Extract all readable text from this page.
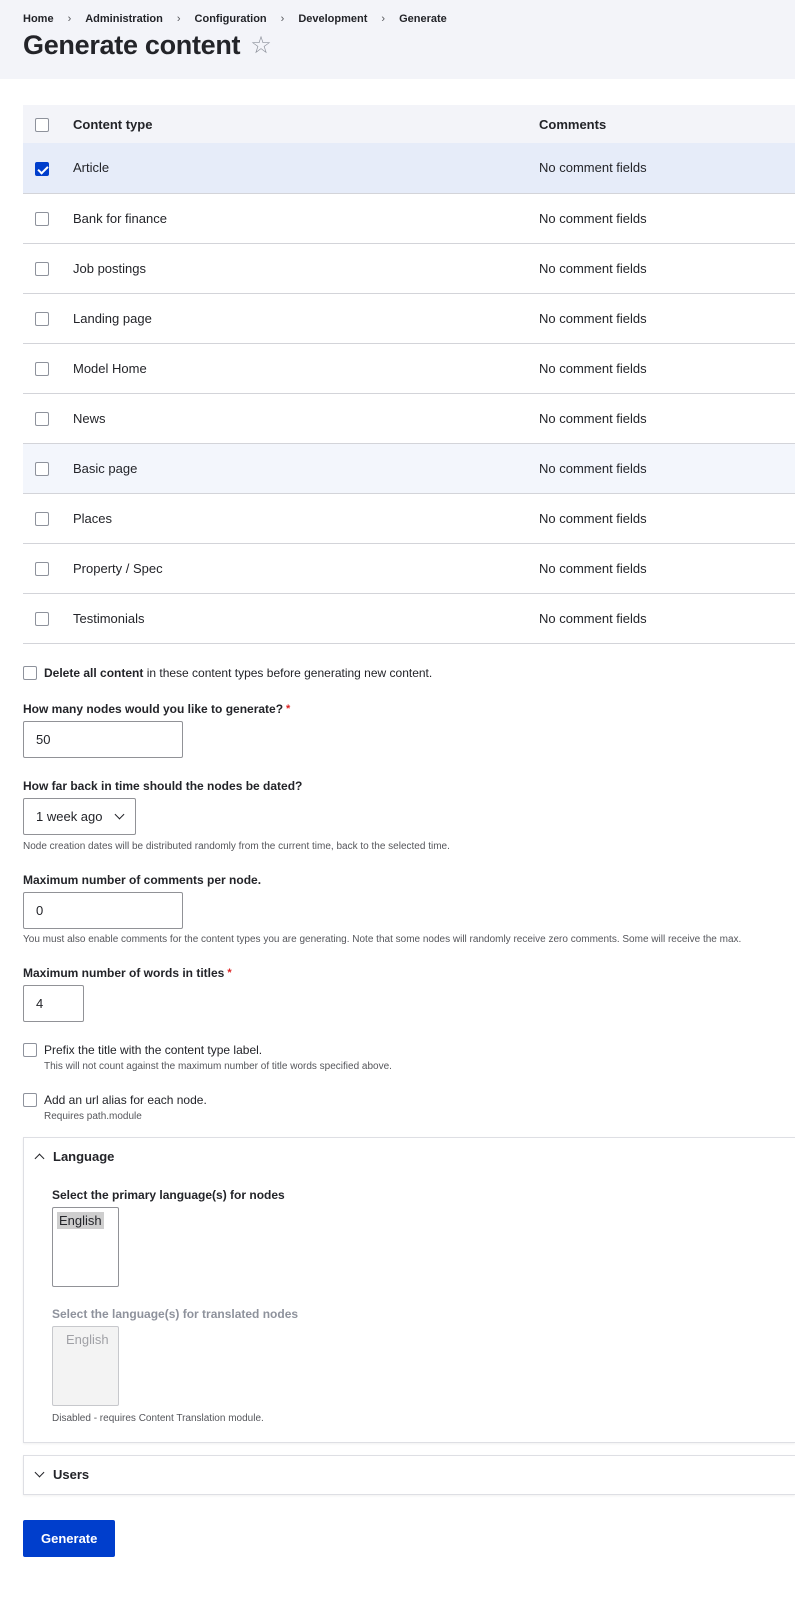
Home › Administration › Configuration › Development › Generate
Generate content ☆
	Content type	Comments
	Article	No comment fields
	Bank for finance	No comment fields
	Job postings	No comment fields
	Landing page	No comment fields
	Model Home	No comment fields
	News	No comment fields
	Basic page	No comment fields
	Places	No comment fields
	Property / Spec	No comment fields
	Testimonials	No comment fields
Delete all content in these content types before generating new content.
How many nodes would you like to generate? *
50
How far back in time should the nodes be dated?
1 week ago
Node creation dates will be distributed randomly from the current time, back to the selected time.
Maximum number of comments per node.
0
You must also enable comments for the content types you are generating. Note that some nodes will randomly receive zero comments. Some will receive the max.
Maximum number of words in titles *
4
Prefix the title with the content type label.
This will not count against the maximum number of title words specified above.
Add an url alias for each node.
Requires path.module
Language
Select the primary language(s) for nodes
English
Select the language(s) for translated nodes
English
Disabled - requires Content Translation module.
Users
Generate
